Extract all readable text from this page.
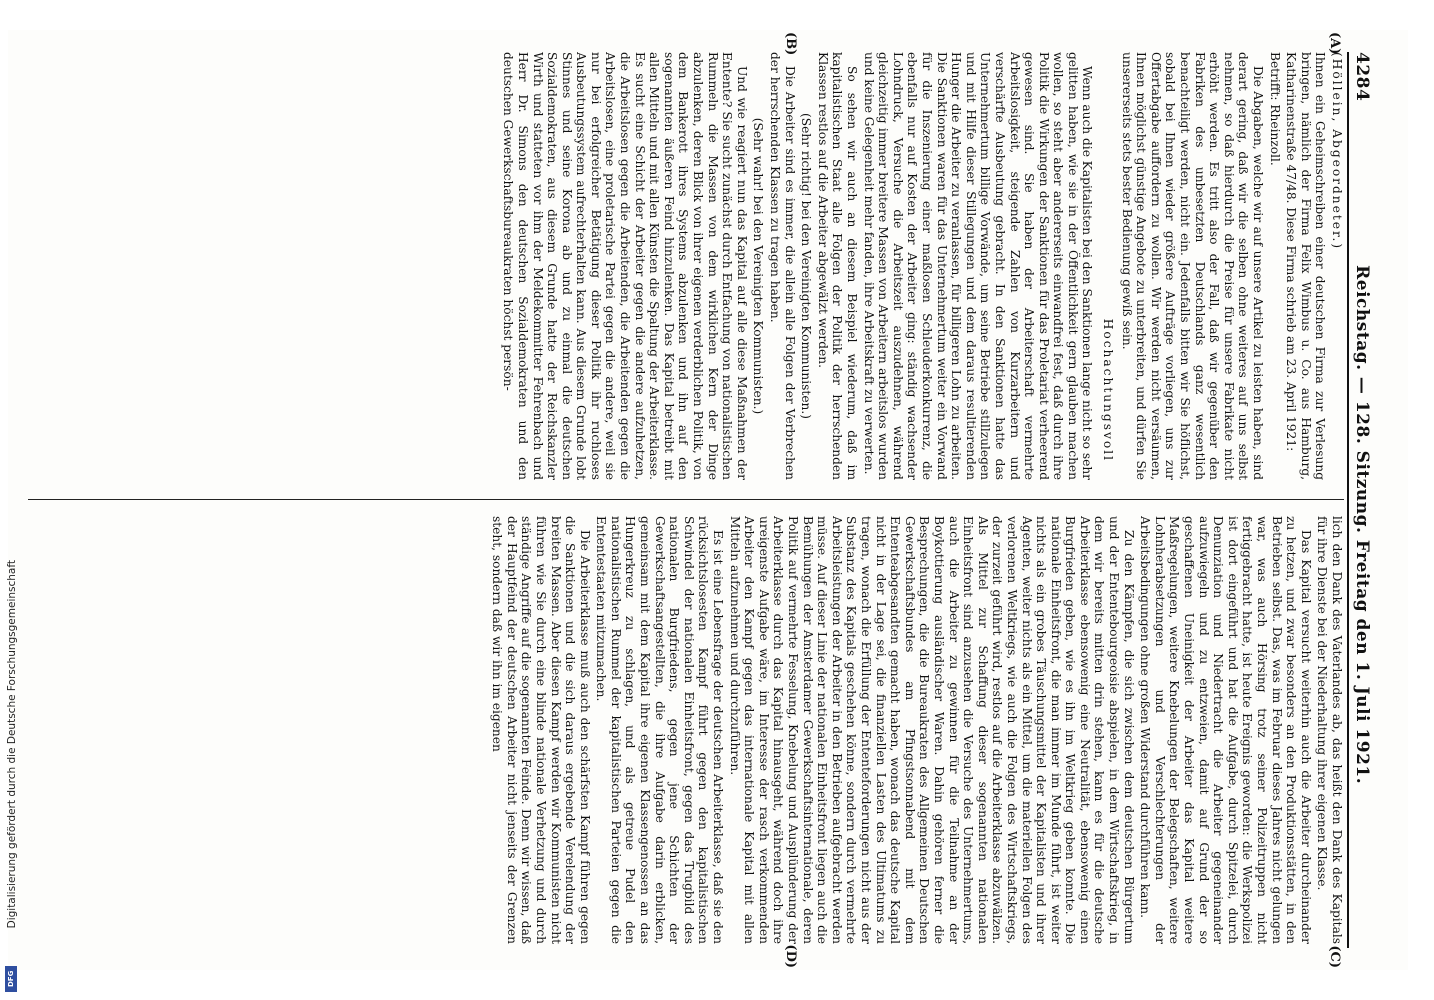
4284
Reichstag. — 128. Sitzung. Freitag den 1. Juli 1921.
(A)
(B)
(C)
(D)

(Höllein, Abgeordneter.)

Ihnen ein Geheimschreiben einer deutschen Firma zur Verlesung bringen, nämlich der Firma Felix Wimbus u. Co. aus Hamburg, Katharinenstraße 47/48. Diese Firma schrieb am 23. April 1921:

Betrifft: Rheinzoll.

Die Abgaben, welche wir auf unsere Artikel zu leisten haben, sind derart gering, daß wir die selben ohne weiteres auf uns selbst nehmen, so daß hierdurch die Preise für unsere Fabrikate nicht erhöht werden. Es tritt also der Fall, daß wir gegenüber den Fabriken des unbesetzten Deutschlands ganz wesentlich benachteiligt werden, nicht ein. Jedenfalls bitten wir Sie höflichst, sobald bei Ihnen wieder größere Aufträge vorliegen, uns zur Offertabgabe auffordern zu wollen. Wir werden nicht versäumen, Ihnen möglichst günstige Angebote zu unterbreiten, und dürfen Sie unsererseits stets bester Bedienung gewiß sein.

Hochachtungsvoll

Wenn auch die Kapitalisten bei den Sanktionen lange nicht so sehr gelitten haben, wie sie in der Öffentlichkeit gern glauben machen wollen, so steht aber andererseits einwandfrei fest, daß durch ihre Politik die Wirkungen der Sanktionen für das Proletariat verheerend gewesen sind. Sie haben der Arbeiterschaft vermehrte Arbeitslosigkeit, steigende Zahlen von Kurzarbeitern und verschärfte Ausbeutung gebracht. In den Sanktionen hatte das Unternehmertum billige Vorwände, um seine Betriebe stillzulegen und mit Hilfe dieser Stillegungen und dem daraus resultierenden Hunger die Arbeiter zu veranlassen, für billigeren Lohn zu arbeiten. Die Sanktionen waren für das Unternehmertum weiter ein Vorwand für die Inszenierung einer maßlosen Schleuderkonkurrenz, die ebenfalls nur auf Kosten der Arbeiter ging: ständig wachsender Lohndruck, Versuche die Arbeitszeit auszudehnen, während gleichzeitig immer breitere Massen von Arbeitern arbeitslos wurden und keine Gelegenheit mehr fanden, ihre Arbeitskraft zu verwerten.

So sehen wir auch an diesem Beispiel wiederum, daß im kapitalistischen Staat alle Folgen der Politik der herrschenden Klassen restlos auf die Arbeiter abgewälzt werden.

(Sehr richtig! bei den Vereinigten Kommunisten.)

Die Arbeiter sind es immer, die allein alle Folgen der Verbrechen der herrschenden Klassen zu tragen haben.

(Sehr wahr! bei den Vereinigten Kommunisten.)

Und wie reagiert nun das Kapital auf alle diese Maßnahmen der Entente? Sie sucht zunächst durch Entfachung von nationalistischen Rummeln die Massen von dem wirklichen Kern der Dinge abzulenken, deren Blick von ihrer eigenen verderblichen Politik, von dem Bankerott ihres Systems abzulenken und ihn auf den sogenannten äußeren Feind hinzulenken. Das Kapital betreibt mit allen Mitteln und mit allen Künsten die Spaltung der Arbeiterklasse. Es sucht eine Schicht der Arbeiter gegen die andere aufzuhetzen, die Arbeitslosen gegen die Arbeitenden, die Arbeitenden gegen die Arbeitslosen, eine proletarische Partei gegen die andere, weil sie nur bei erfolgreicher Betätigung dieser Politik ihr ruchloses Ausbeutungssystem aufrechterhalten kann. Aus diesem Grunde lobt Stinnes und seine Korona ab und zu einmal die deutschen Sozialdemokraten, aus diesem Grunde hatte der Reichskanzler Wirth und statteten vor ihm der Meldekommitter Fehrenbach und Herr Dr. Simons den deutschen Sozialdemokraten und den deutschen Gewerkschaftsbureaukraten höchst persön-

lich den Dank des Vaterlandes ab, das heißt den Dank des Kapitals für ihre Dienste bei der Niederhaltung ihrer eigenen Klasse.

Das Kapital versucht weiterhin auch die Arbeiter durcheinander zu hetzen, und zwar besonders an den Produktionsstätten, in den Betrieben selbst. Das, was im Februar dieses Jahres nicht gelungen war, was auch Hörsing trotz seiner Polizeitruppen nicht fertiggebracht hatte, ist heute Ereignis geworden: die Werkspolizei ist dort eingeführt und hat die Aufgabe, durch Spitzelei, durch Denunziation und Niedertracht die Arbeiter gegeneinander aufzuwiegeln und zu entzweien, damit auf Grund der so geschaffenen Uneinigkeit der Arbeiter das Kapital weitere Maßregelungen, weitere Knebelungen der Belegschaften, weitere Lohnherabsetzungen und Verschlechterungen der Arbeitsbedingungen ohne großen Widerstand durchführen kann.

Zu den Kämpfen, die sich zwischen dem deutschen Bürgertum und der Ententebourgeoisie abspielen, in dem Wirtschaftskrieg, in dem wir bereits mitten drin stehen, kann es für die deutsche Arbeiterklasse ebensowenig eine Neutralität, ebensowenig einen Burgfrieden geben, wie es ihn im Weltkrieg geben konnte. Die nationale Einheitsfront, die man immer im Munde führt, ist weiter nichts als ein grobes Täuschungsmittel der Kapitalisten und ihrer Agenten, weiter nichts als ein Mittel, um die materiellen Folgen des verlorenen Weltkriegs, wie auch die Folgen des Wirtschaftskriegs, der zurzeit geführt wird, restlos auf die Arbeiterklasse abzuwälzen. Als Mittel zur Schaffung dieser sogenannten nationalen Einheitsfront sind anzusehen die Versuche des Unternehmertums, auch die Arbeiter zu gewinnen für die Teilnahme an der Boykottierung ausländischer Waren. Dahin gehören ferner die Besprechungen, die die Bureaukraten des Allgemeinen Deutschen Gewerkschaftsbundes am Pfingstsonnabend mit dem Ententeabgesandten gemacht haben, wonach das deutsche Kapital nicht in der Lage sei, die finanziellen Lasten des Ultimatums zu tragen, wonach die Erfüllung der Ententeforderungen nicht aus der Substanz des Kapitals geschehen könne, sondern durch vermehrte Arbeitsleistungen der Arbeiter in den Betrieben aufgebracht werden müsse. Auf dieser Linie der nationalen Einheitsfront liegen auch die Bemühungen der Amsterdamer Gewerkschaftsinternationale, deren Politik auf vermehrte Fesselung, Knebelung und Ausplünderung der Arbeiterklasse durch das Kapital hinausgeht, während doch ihre ureigenste Aufgabe wäre, im Interesse der rasch verkommenden Arbeiter den Kampf gegen das internationale Kapital mit allen Mitteln aufzunehmen und durchzuführen.

Es ist eine Lebensfrage der deutschen Arbeiterklasse, daß sie den rücksichtslosesten Kampf führt gegen den kapitalistischen Schwindel der nationalen Einheitsfront, gegen das Trugbild des nationalen Burgfriedens, gegen jene Schichten der Gewerkschaftsangestellten, die ihre Aufgabe darin erblicken, gemeinsam mit dem Kapital ihre eigenen Klassengenossen an das Hungerkreuz zu schlagen, und als getreue Pudel den nationalistischen Rummel der kapitalistischen Parteien gegen die Ententestaaten mitzumachen.

Die Arbeiterklasse muß auch den schärfsten Kampf führen gegen die Sanktionen und die sich daraus ergebende Verelendung der breiten Massen. Aber diesen Kampf werden wir Kommunisten nicht führen wie Sie durch eine blinde nationale Verhetzung und durch ständige Angriffe auf die sogenannten Feinde. Denn wir wissen, daß der Hauptfeind der deutschen Arbeiter nicht jenseits der Grenzen steht, sondern daß wir ihn im eigenen

Digitalisierung gefördert durch die Deutsche Forschungsgemeinschaft
DFG
